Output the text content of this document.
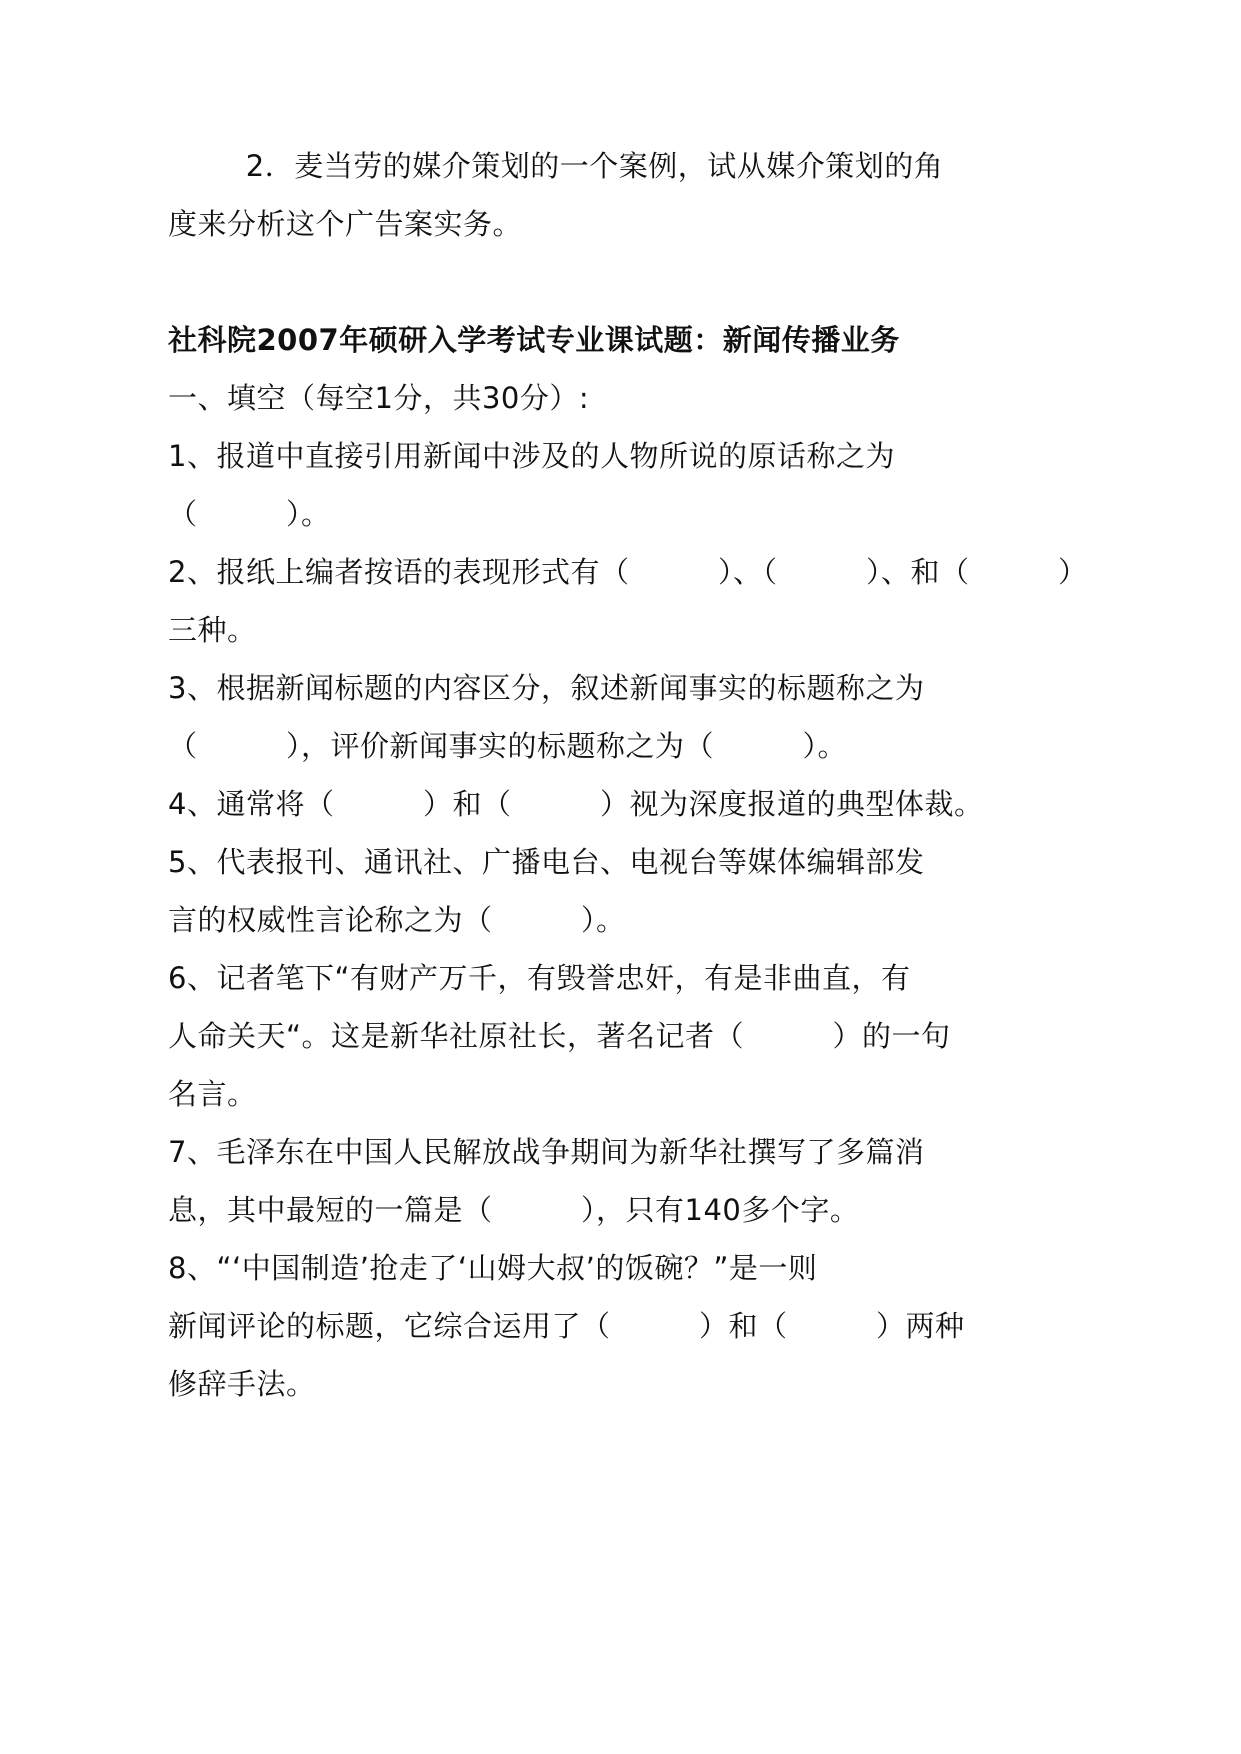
2．麦当劳的媒介策划的一个案例，试从媒介策划的角
度来分析这个广告案实务。
社科院2007年硕研入学考试专业课试题：新闻传播业务
一、填空（每空1分，共30分）:
1、报道中直接引用新闻中涉及的人物所说的原话称之为
（　　　）。
2、报纸上编者按语的表现形式有（　　　）、（　　　）、和（　　　）
三种。
3、根据新闻标题的内容区分，叙述新闻事实的标题称之为
（　　　），评价新闻事实的标题称之为（　　　）。
4、通常将（　　　）和（　　　）视为深度报道的典型体裁。
5、代表报刊、通讯社、广播电台、电视台等媒体编辑部发
言的权威性言论称之为（　　　）。
6、记者笔下“有财产万千，有毁誉忠奸，有是非曲直，有
人命关天“。这是新华社原社长，著名记者（　　　）的一句
名言。
7、毛泽东在中国人民解放战争期间为新华社撰写了多篇消
息，其中最短的一篇是（　　　），只有140多个字。
8、“‘中国制造’抢走了‘山姆大叔’的饭碗？”是一则
新闻评论的标题，它综合运用了（　　　）和（　　　）两种
修辞手法。
